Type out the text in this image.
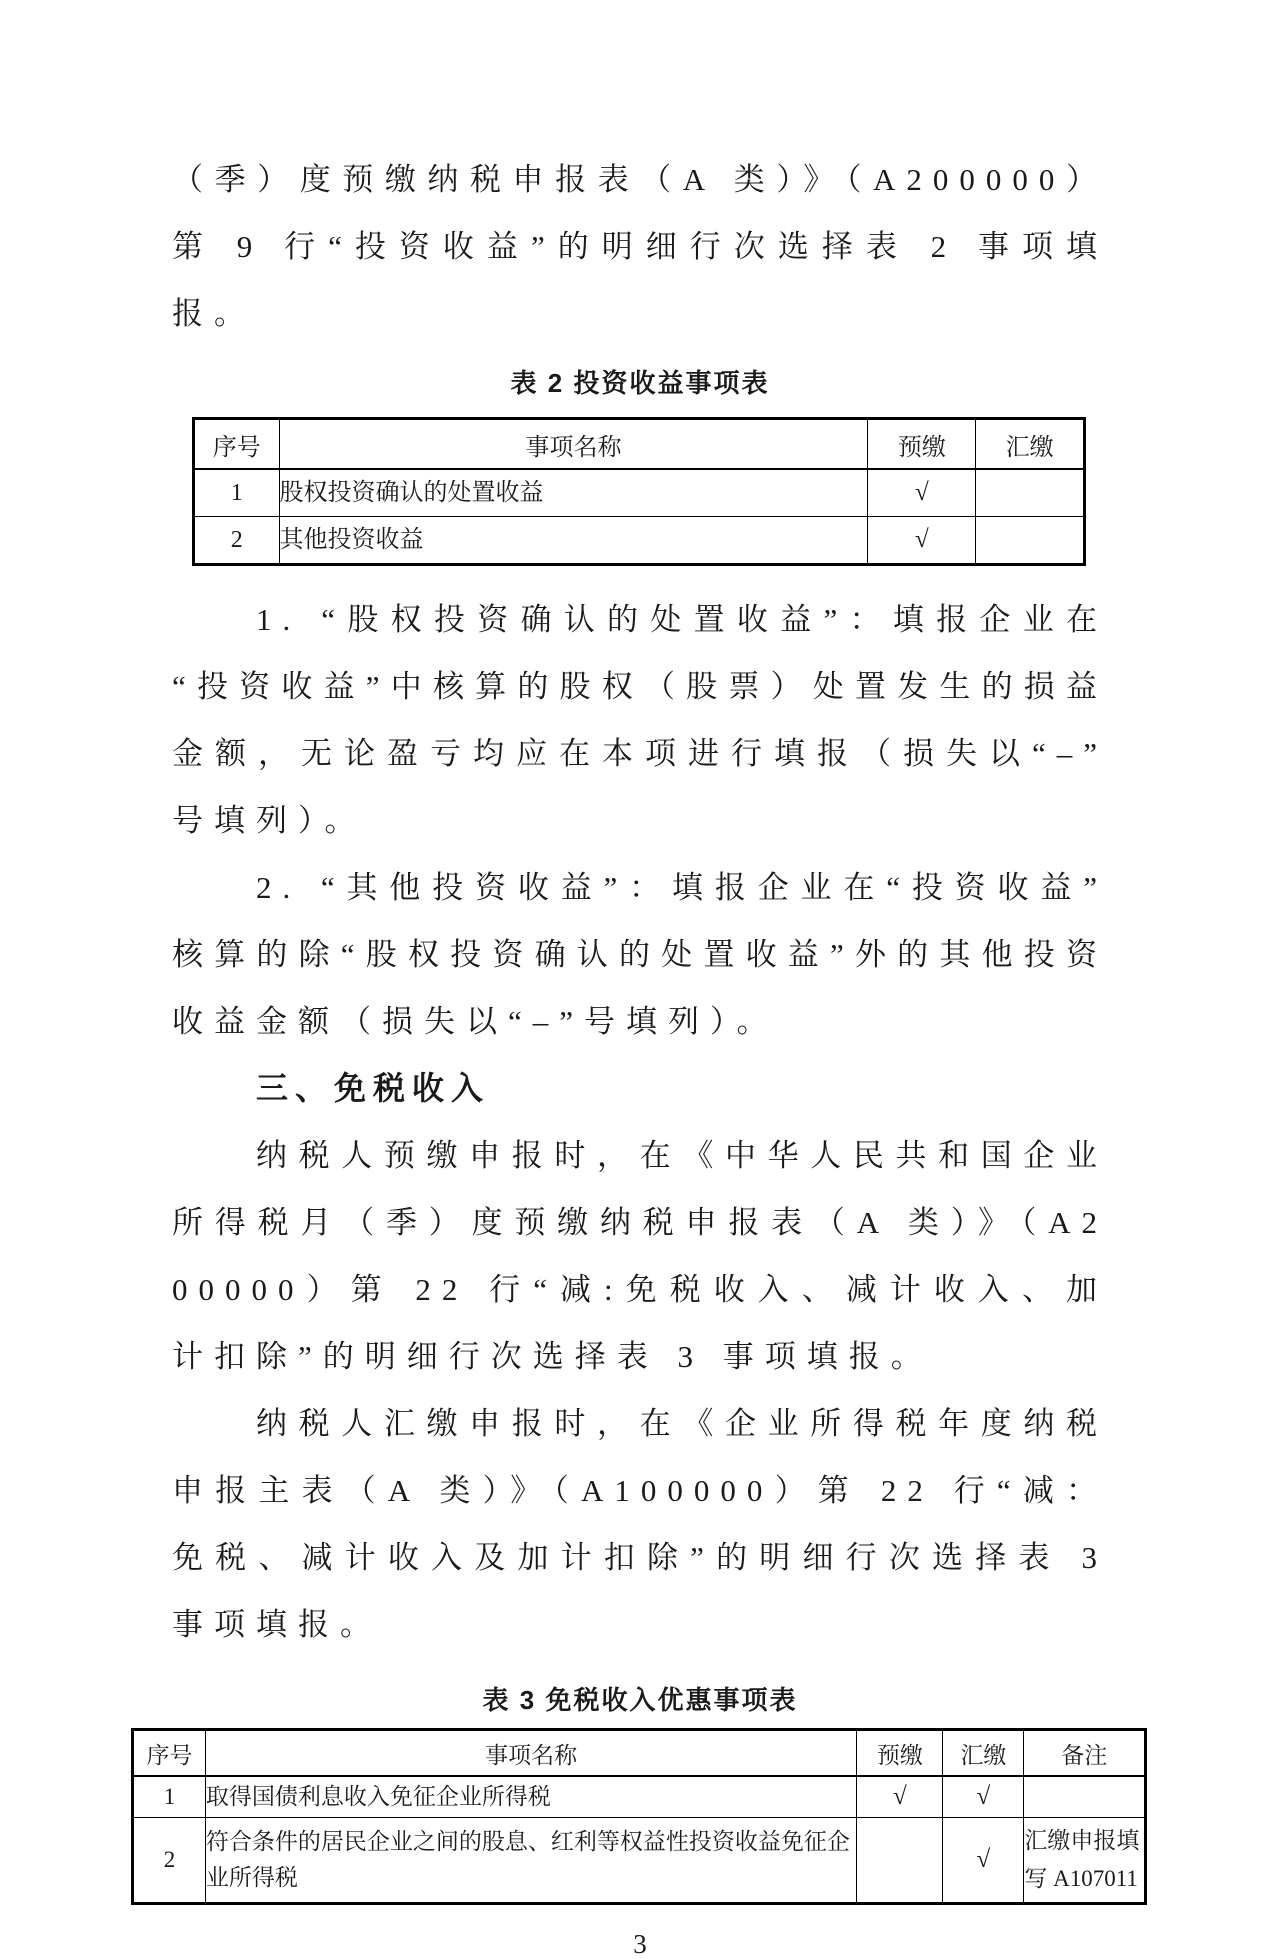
（季）度预缴纳税申报表（A 类）》（A200000）第 9 行“投资收益”的明细行次选择表 2 事项填报。

表 2 投资收益事项表
序号	事项名称	预缴	汇缴
1	股权投资确认的处置收益	√	
2	其他投资收益	√	

1. “股权投资确认的处置收益”：填报企业在“投资收益”中核算的股权（股票）处置发生的损益金额，无论盈亏均应在本项进行填报（损失以“–”号填列）。

2. “其他投资收益”：填报企业在“投资收益”核算的除“股权投资确认的处置收益”外的其他投资收益金额（损失以“–”号填列）。

三、免税收入

纳税人预缴申报时，在《中华人民共和国企业所得税月（季）度预缴纳税申报表（A 类）》（A200000）第 22 行“减:免税收入、减计收入、加计扣除”的明细行次选择表 3 事项填报。

纳税人汇缴申报时，在《企业所得税年度纳税申报主表（A 类）》（A100000）第 22 行“减：免税、减计收入及加计扣除”的明细行次选择表 3 事项填报。

表 3 免税收入优惠事项表
序号	事项名称	预缴	汇缴	备注
1	取得国债利息收入免征企业所得税	√	√	
2	符合条件的居民企业之间的股息、红利等权益性投资收益免征企业所得税		√	汇缴申报填写 A107011
3
